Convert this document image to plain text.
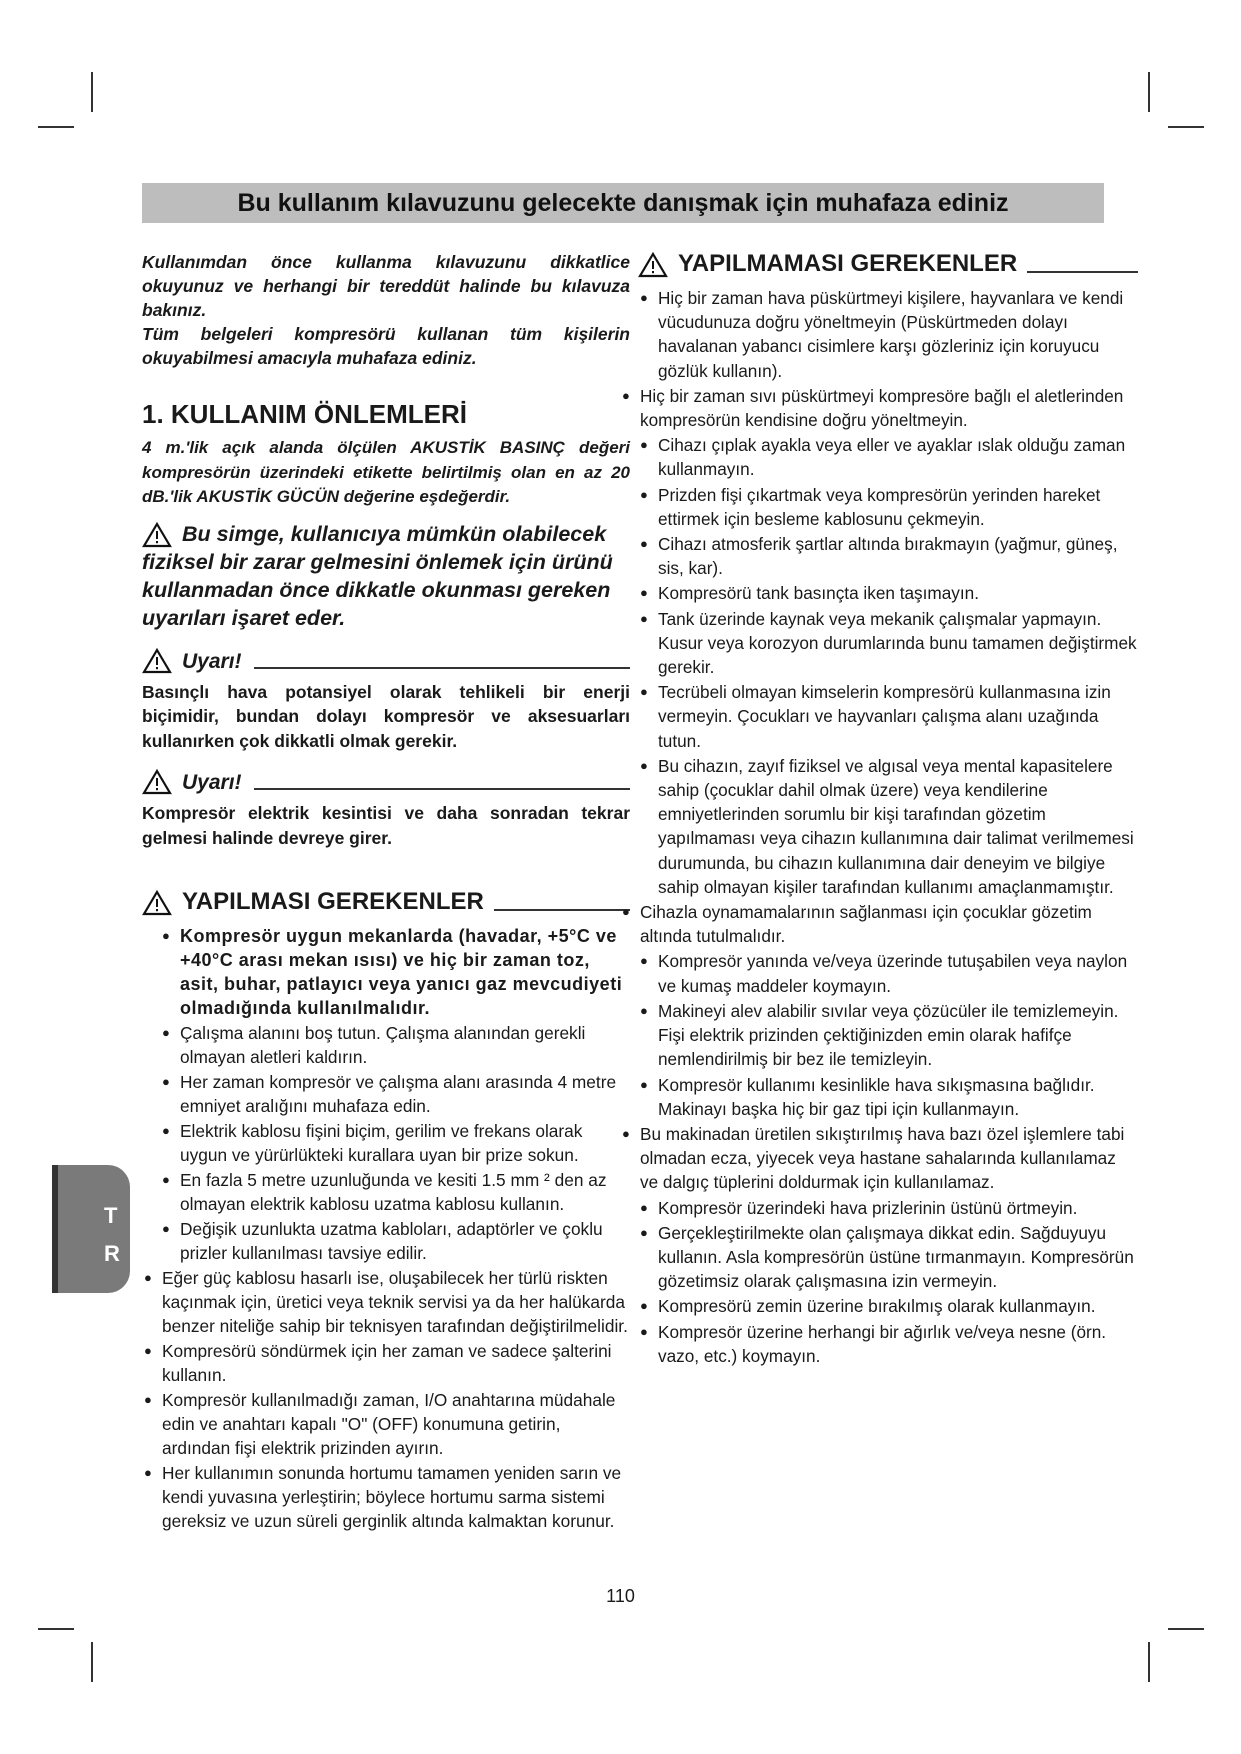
Bu kullanım kılavuzunu gelecekte danışmak için muhafaza ediniz
Kullanımdan önce kullanma kılavuzunu dikkatlice okuyunuz ve herhangi bir tereddüt halinde bu kılavuza bakınız.
Tüm belgeleri kompresörü kullanan tüm kişilerin okuyabilmesi amacıyla muhafaza ediniz.
1. KULLANIM ÖNLEMLERİ
4 m.'lik açık alanda ölçülen AKUSTİK BASINÇ değeri kompresörün üzerindeki etikette belirtilmiş olan en az 20 dB.'lik AKUSTİK GÜCÜN değerine eşdeğerdir.
Bu simge, kullanıcıya mümkün olabilecek fiziksel bir zarar gelmesini önlemek için ürünü kullanmadan önce dikkatle okunması gereken uyarıları işaret eder.
Uyarı!
Basınçlı hava potansiyel olarak tehlikeli bir enerji biçimidir, bundan dolayı kompresör ve aksesuarları kullanırken çok dikkatli olmak gerekir.
Uyarı!
Kompresör elektrik kesintisi ve daha sonradan tekrar gelmesi halinde devreye girer.
YAPILMASI GEREKENLER
● Kompresör uygun mekanlarda (havadar, +5°C ve +40°C arası mekan ısısı) ve hiç bir zaman toz, asit, buhar, patlayıcı veya yanıcı gaz mevcudiyeti olmadığında kullanılmalıdır.
● Çalışma alanını boş tutun. Çalışma alanından gerekli olmayan aletleri kaldırın.
● Her zaman kompresör ve çalışma alanı arasında 4 metre emniyet aralığını muhafaza edin.
● Elektrik kablosu fişini biçim, gerilim ve frekans olarak uygun ve yürürlükteki kurallara uyan bir prize sokun.
● En fazla 5 metre uzunluğunda ve kesiti 1.5 mm ² den az olmayan elektrik kablosu uzatma kablosu kullanın.
● Değişik uzunlukta uzatma kabloları, adaptörler ve çoklu prizler kullanılması tavsiye edilir.
● Eğer güç kablosu hasarlı ise, oluşabilecek her türlü riskten kaçınmak için, üretici veya teknik servisi ya da her halükarda benzer niteliğe sahip bir teknisyen tarafından değiştirilmelidir.
● Kompresörü söndürmek için her zaman ve sadece şalterini kullanın.
● Kompresör kullanılmadığı zaman, I/O anahtarına müdahale edin ve anahtarı kapalı "O" (OFF) konumuna getirin, ardından fişi elektrik prizinden ayırın.
● Her kullanımın sonunda hortumu tamamen yeniden sarın ve kendi yuvasına yerleştirin; böylece hortumu sarma sistemi gereksiz ve uzun süreli gerginlik altında kalmaktan korunur.
YAPILMAMASI GEREKENLER
● Hiç bir zaman hava püskürtmeyi kişilere, hayvanlara ve kendi vücudunuza doğru yöneltmeyin (Püskürtmeden dolayı havalanan yabancı cisimlere karşı gözleriniz için koruyucu gözlük kullanın).
● Hiç bir zaman sıvı püskürtmeyi kompresöre bağlı el aletlerinden kompresörün kendisine doğru yöneltmeyin.
● Cihazı çıplak ayakla veya eller ve ayaklar ıslak olduğu zaman kullanmayın.
● Prizden fişi çıkartmak veya kompresörün yerinden hareket ettirmek için besleme kablosunu çekmeyin.
● Cihazı atmosferik şartlar altında bırakmayın (yağmur, güneş, sis, kar).
● Kompresörü tank basınçta iken taşımayın.
● Tank üzerinde kaynak veya mekanik çalışmalar yapmayın. Kusur veya korozyon durumlarında bunu tamamen değiştirmek gerekir.
● Tecrübeli olmayan kimselerin kompresörü kullanmasına izin vermeyin. Çocukları ve hayvanları çalışma alanı uzağında tutun.
● Bu cihazın, zayıf fiziksel ve algısal veya mental kapasitelere sahip (çocuklar dahil olmak üzere) veya kendilerine emniyetlerinden sorumlu bir kişi tarafından gözetim yapılmaması veya cihazın kullanımına dair talimat verilmemesi durumunda, bu cihazın kullanımına dair deneyim ve bilgiye sahip olmayan kişiler tarafından kullanımı amaçlanmamıştır.
● Cihazla oynamamalarının sağlanması için çocuklar gözetim altında tutulmalıdır.
● Kompresör yanında ve/veya üzerinde tutuşabilen veya naylon ve kumaş maddeler koymayın.
● Makineyi alev alabilir sıvılar veya çözücüler ile temizlemeyin. Fişi elektrik prizinden çektiğinizden emin olarak hafifçe nemlendirilmiş bir bez ile temizleyin.
● Kompresör kullanımı kesinlikle hava sıkışmasına bağlıdır. Makinayı başka hiç bir gaz tipi için kullanmayın.
● Bu makinadan üretilen sıkıştırılmış hava bazı özel işlemlere tabi olmadan ecza, yiyecek veya hastane sahalarında kullanılamaz ve dalgıç tüplerini doldurmak için kullanılamaz.
● Kompresör üzerindeki hava prizlerinin üstünü örtmeyin.
● Gerçekleştirilmekte olan çalışmaya dikkat edin. Sağduyuyu kullanın. Asla kompresörün üstüne tırmanmayın. Kompresörün gözetimsiz olarak çalışmasına izin vermeyin.
● Kompresörü zemin üzerine bırakılmış olarak kullanmayın.
● Kompresör üzerine herhangi bir ağırlık ve/veya nesne (örn. vazo, etc.) koymayın.
T
R
110
